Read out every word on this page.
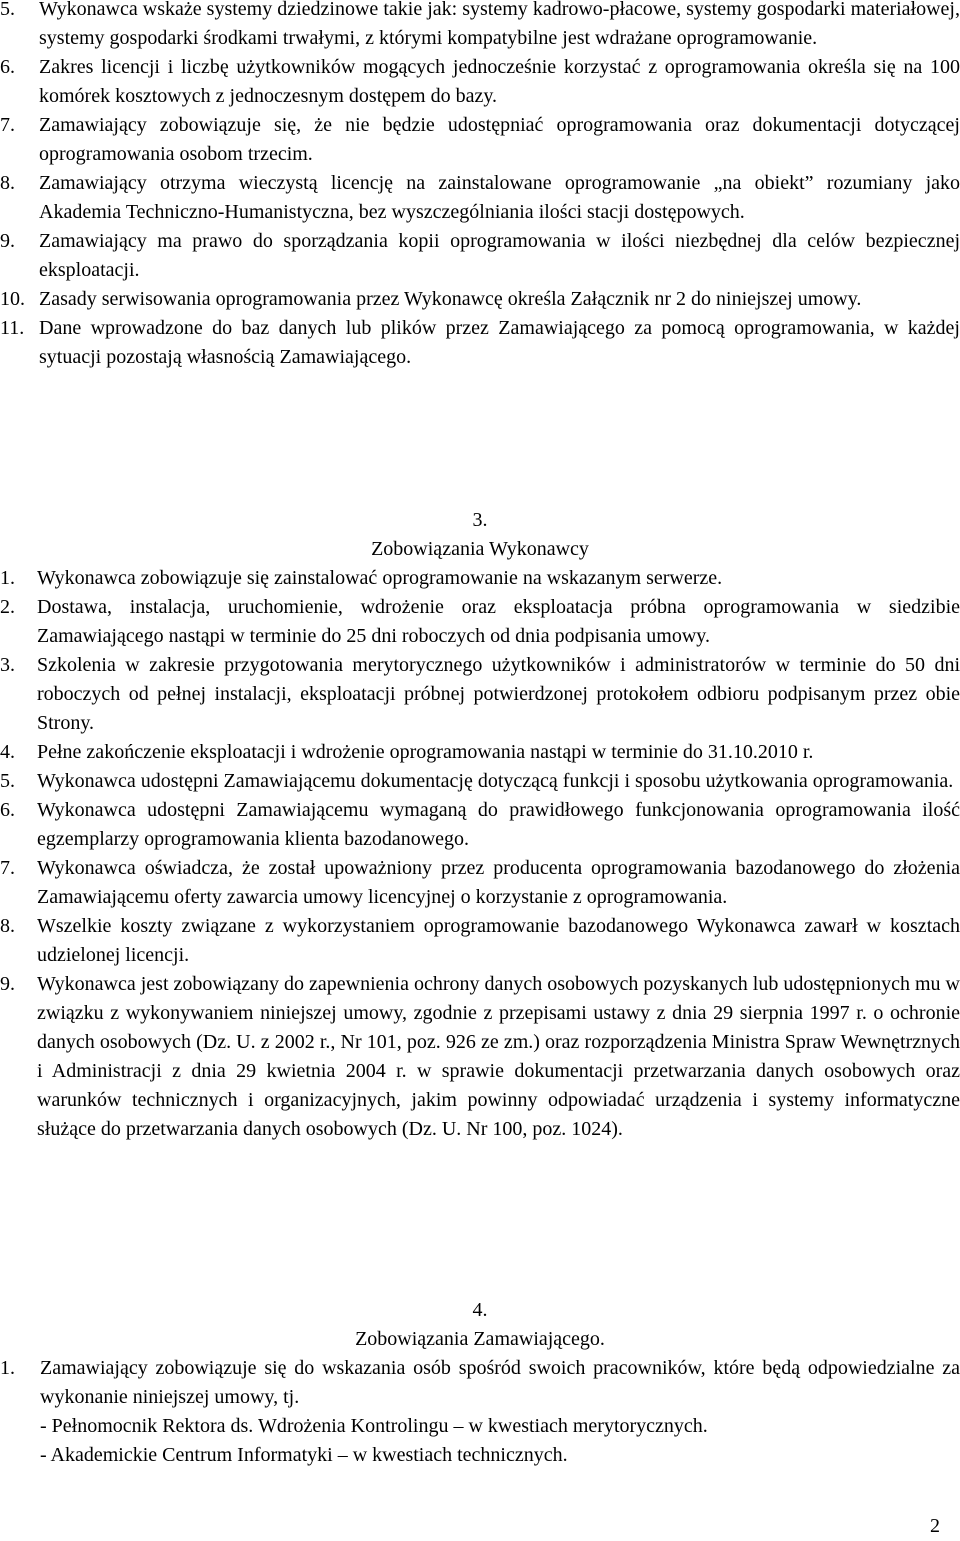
5. Wykonawca wskaże systemy dziedzinowe takie jak: systemy kadrowo-płacowe, systemy gospodarki materiałowej, systemy gospodarki środkami trwałymi, z którymi kompatybilne jest wdrażane oprogramowanie.
6. Zakres licencji i liczbę użytkowników mogących jednocześnie korzystać z oprogramowania określa się na 100 komórek kosztowych z jednoczesnym dostępem do bazy.
7. Zamawiający zobowiązuje się, że nie będzie udostępniać oprogramowania oraz dokumentacji dotyczącej oprogramowania osobom trzecim.
8. Zamawiający otrzyma wieczystą licencję na zainstalowane oprogramowanie „na obiekt” rozumiany jako Akademia Techniczno-Humanistyczna, bez wyszczególniania ilości stacji dostępowych.
9. Zamawiający ma prawo do sporządzania kopii oprogramowania w ilości niezbędnej dla celów bezpiecznej eksploatacji.
10. Zasady serwisowania oprogramowania przez Wykonawcę określa Załącznik nr 2 do niniejszej umowy.
11. Dane wprowadzone do baz danych lub plików przez Zamawiającego za pomocą oprogramowania, w każdej sytuacji pozostają własnością Zamawiającego.
3.
Zobowiązania Wykonawcy
1. Wykonawca zobowiązuje się zainstalować oprogramowanie na wskazanym serwerze.
2. Dostawa, instalacja, uruchomienie, wdrożenie oraz eksploatacja próbna oprogramowania w siedzibie Zamawiającego nastąpi w terminie do 25 dni roboczych od dnia podpisania umowy.
3. Szkolenia w zakresie przygotowania merytorycznego użytkowników i administratorów w terminie do 50 dni roboczych od pełnej instalacji, eksploatacji próbnej potwierdzonej protokołem odbioru podpisanym przez obie Strony.
4. Pełne zakończenie eksploatacji i wdrożenie oprogramowania nastąpi w terminie do 31.10.2010 r.
5. Wykonawca udostępni Zamawiającemu dokumentację dotyczącą funkcji i sposobu użytkowania oprogramowania.
6. Wykonawca udostępni Zamawiającemu wymaganą do prawidłowego funkcjonowania oprogramowania ilość egzemplarzy oprogramowania klienta bazodanowego.
7. Wykonawca oświadcza, że został upoważniony przez producenta oprogramowania bazodanowego do złożenia Zamawiającemu oferty zawarcia umowy licencyjnej o korzystanie z oprogramowania.
8. Wszelkie koszty związane z wykorzystaniem oprogramowanie bazodanowego Wykonawca zawarł w kosztach udzielonej licencji.
9. Wykonawca jest zobowiązany do zapewnienia ochrony danych osobowych pozyskanych lub udostępnionych mu w związku z wykonywaniem niniejszej umowy, zgodnie z przepisami ustawy z dnia 29 sierpnia 1997 r. o ochronie danych osobowych (Dz. U. z 2002 r., Nr 101, poz. 926 ze zm.) oraz rozporządzenia Ministra Spraw Wewnętrznych i Administracji z dnia 29 kwietnia 2004 r. w sprawie dokumentacji przetwarzania danych osobowych oraz warunków technicznych i organizacyjnych, jakim powinny odpowiadać urządzenia i systemy informatyczne służące do przetwarzania danych osobowych (Dz. U. Nr 100, poz. 1024).
4.
Zobowiązania Zamawiającego.
1. Zamawiający zobowiązuje się do wskazania osób spośród swoich pracowników, które będą odpowiedzialne za wykonanie niniejszej umowy, tj.
- Pełnomocnik Rektora ds. Wdrożenia Kontrolingu – w kwestiach merytorycznych.
- Akademickie Centrum Informatyki – w kwestiach technicznych.
2
